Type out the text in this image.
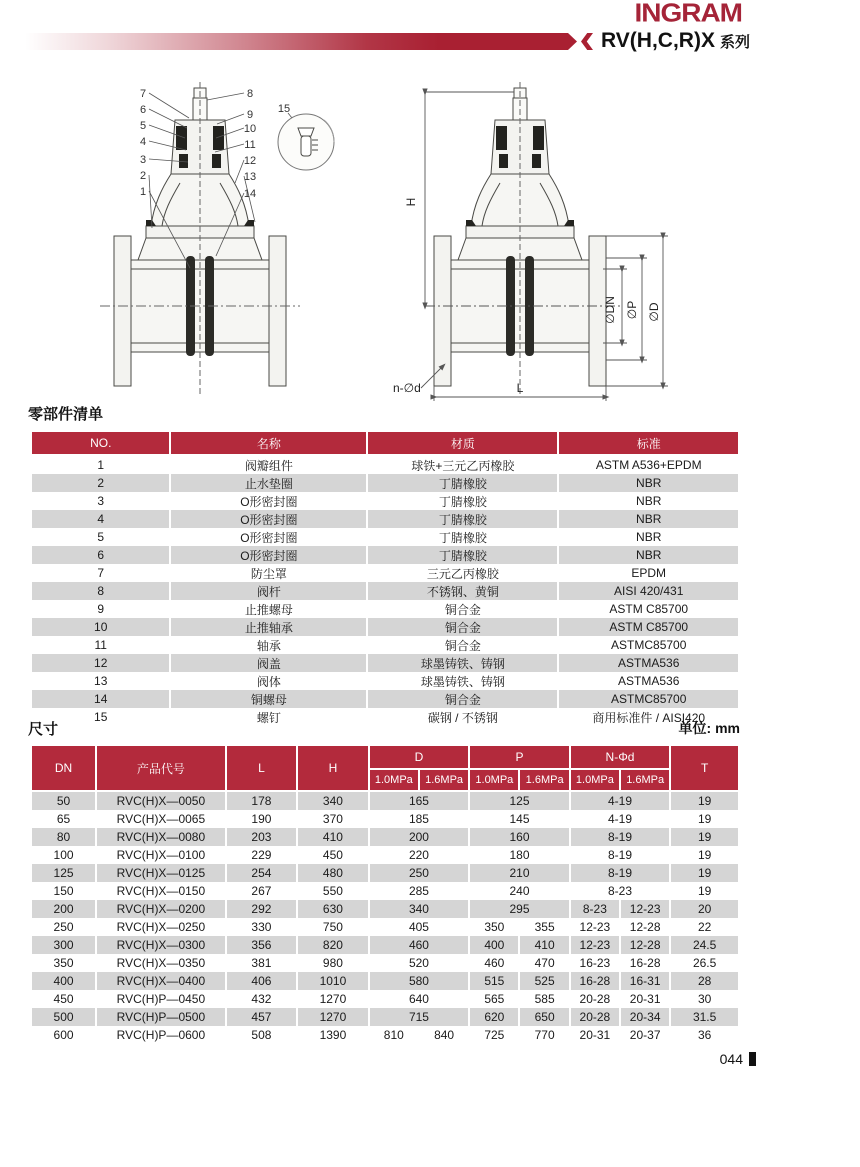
INGRAM
RV(H,C,R)X 系列
7
6
5
4
3
2
1
8
9
10
11
12
13
14
15
H
L
∅DN ∅P ∅D
n-∅d
零部件清单
NO.	名称	材质	标准
1	阀瓣组件	球铁+三元乙丙橡胶	ASTM A536+EPDM
2	止水垫圈	丁腈橡胶	NBR
3	O形密封圈	丁腈橡胶	NBR
4	O形密封圈	丁腈橡胶	NBR
5	O形密封圈	丁腈橡胶	NBR
6	O形密封圈	丁腈橡胶	NBR
7	防尘罩	三元乙丙橡胶	EPDM
8	阀杆	不锈钢、黄铜	AISI 420/431
9	止推螺母	铜合金	ASTM C85700
10	止推轴承	铜合金	ASTM C85700
11	轴承	铜合金	ASTMC85700
12	阀盖	球墨铸铁、铸钢	ASTMA536
13	阀体	球墨铸铁、铸钢	ASTMA536
14	铜螺母	铜合金	ASTMC85700
15	螺钉	碳钢 / 不锈钢	商用标准件 / AISI420
尺寸	单位: mm
DN	产品代号	L	H	D		P		N-Φd		T
				1.0MPa	1.6MPa	1.0MPa	1.6MPa	1.0MPa	1.6MPa	
50	RVC(H)X—0050	178	340	165		125		4-19		19
65	RVC(H)X—0065	190	370	185		145		4-19		19
80	RVC(H)X—0080	203	410	200		160		8-19		19
100	RVC(H)X—0100	229	450	220		180		8-19		19
125	RVC(H)X—0125	254	480	250		210		8-19		19
150	RVC(H)X—0150	267	550	285		240		8-23		19
200	RVC(H)X—0200	292	630	340		295		8-23	12-23	20
250	RVC(H)X—0250	330	750	405		350	355	12-23	12-28	22
300	RVC(H)X—0300	356	820	460		400	410	12-23	12-28	24.5
350	RVC(H)X—0350	381	980	520		460	470	16-23	16-28	26.5
400	RVC(H)X—0400	406	1010	580		515	525	16-28	16-31	28
450	RVC(H)P—0450	432	1270	640		565	585	20-28	20-31	30
500	RVC(H)P—0500	457	1270	715		620	650	20-28	20-34	31.5
600	RVC(H)P—0600	508	1390	810	840	725	770	20-31	20-37	36
044
